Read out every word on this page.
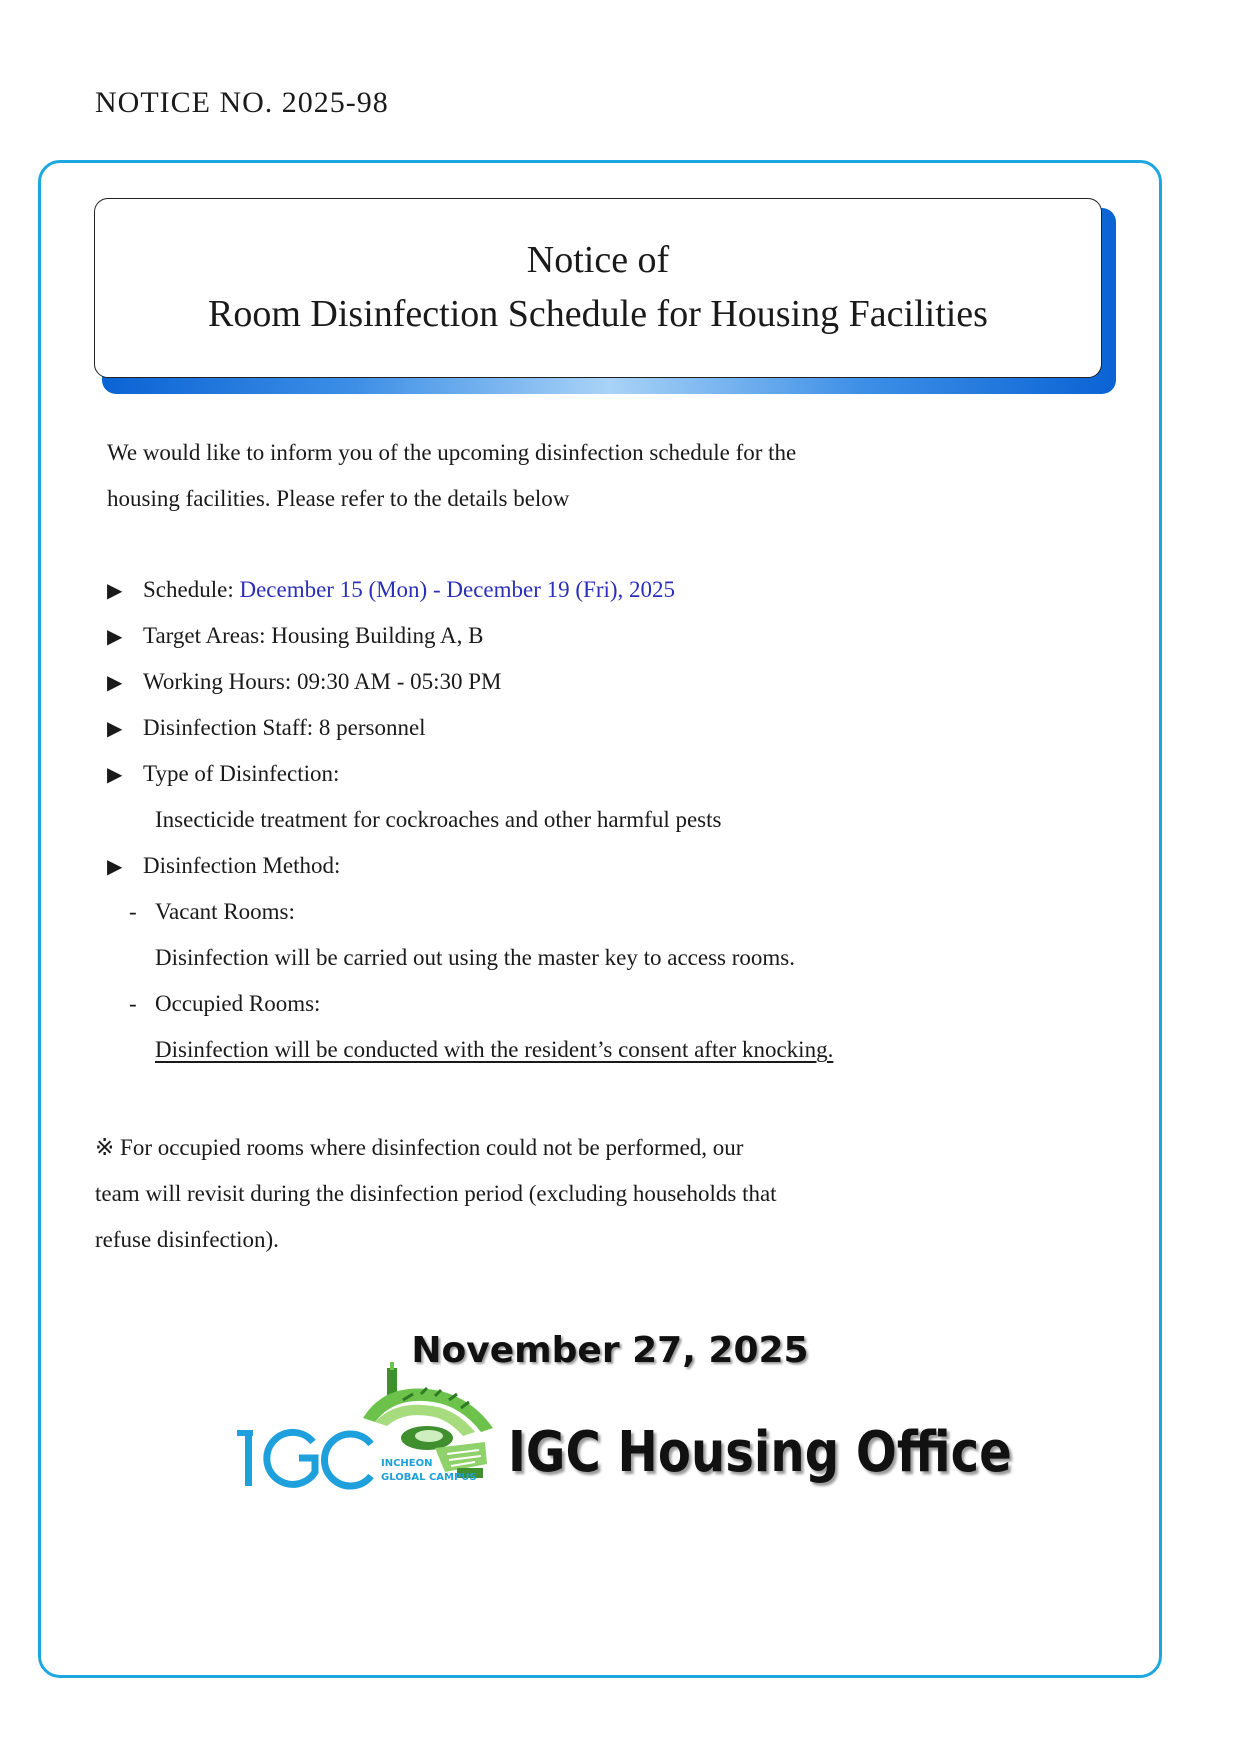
NOTICE NO. 2025-98
Notice of
Room Disinfection Schedule for Housing Facilities
We would like to inform you of the upcoming disinfection schedule for the
housing facilities. Please refer to the details below
▶ Schedule : December 15 (Mon) - December 19 (Fri), 2025
▶ Target Areas : Housing Building A, B
▶ Working Hours : 09:30 AM - 05:30 PM
▶ Disinfection Staff : 8 personnel
▶ Type of Disinfection:
Insecticide treatment for cockroaches and other harmful pests
▶ Disinfection Method:
- Vacant Rooms:
Disinfection will be carried out using the master key to access rooms.
- Occupied Rooms:
Disinfection will be conducted with the resident’s consent after knocking.
※ For occupied rooms where disinfection could not be performed, our
team will revisit during the disinfection period (excluding households that
refuse disinfection).
November 27, 2025
INCHEON
GLOBAL CAMPUS IGC Housing Office
